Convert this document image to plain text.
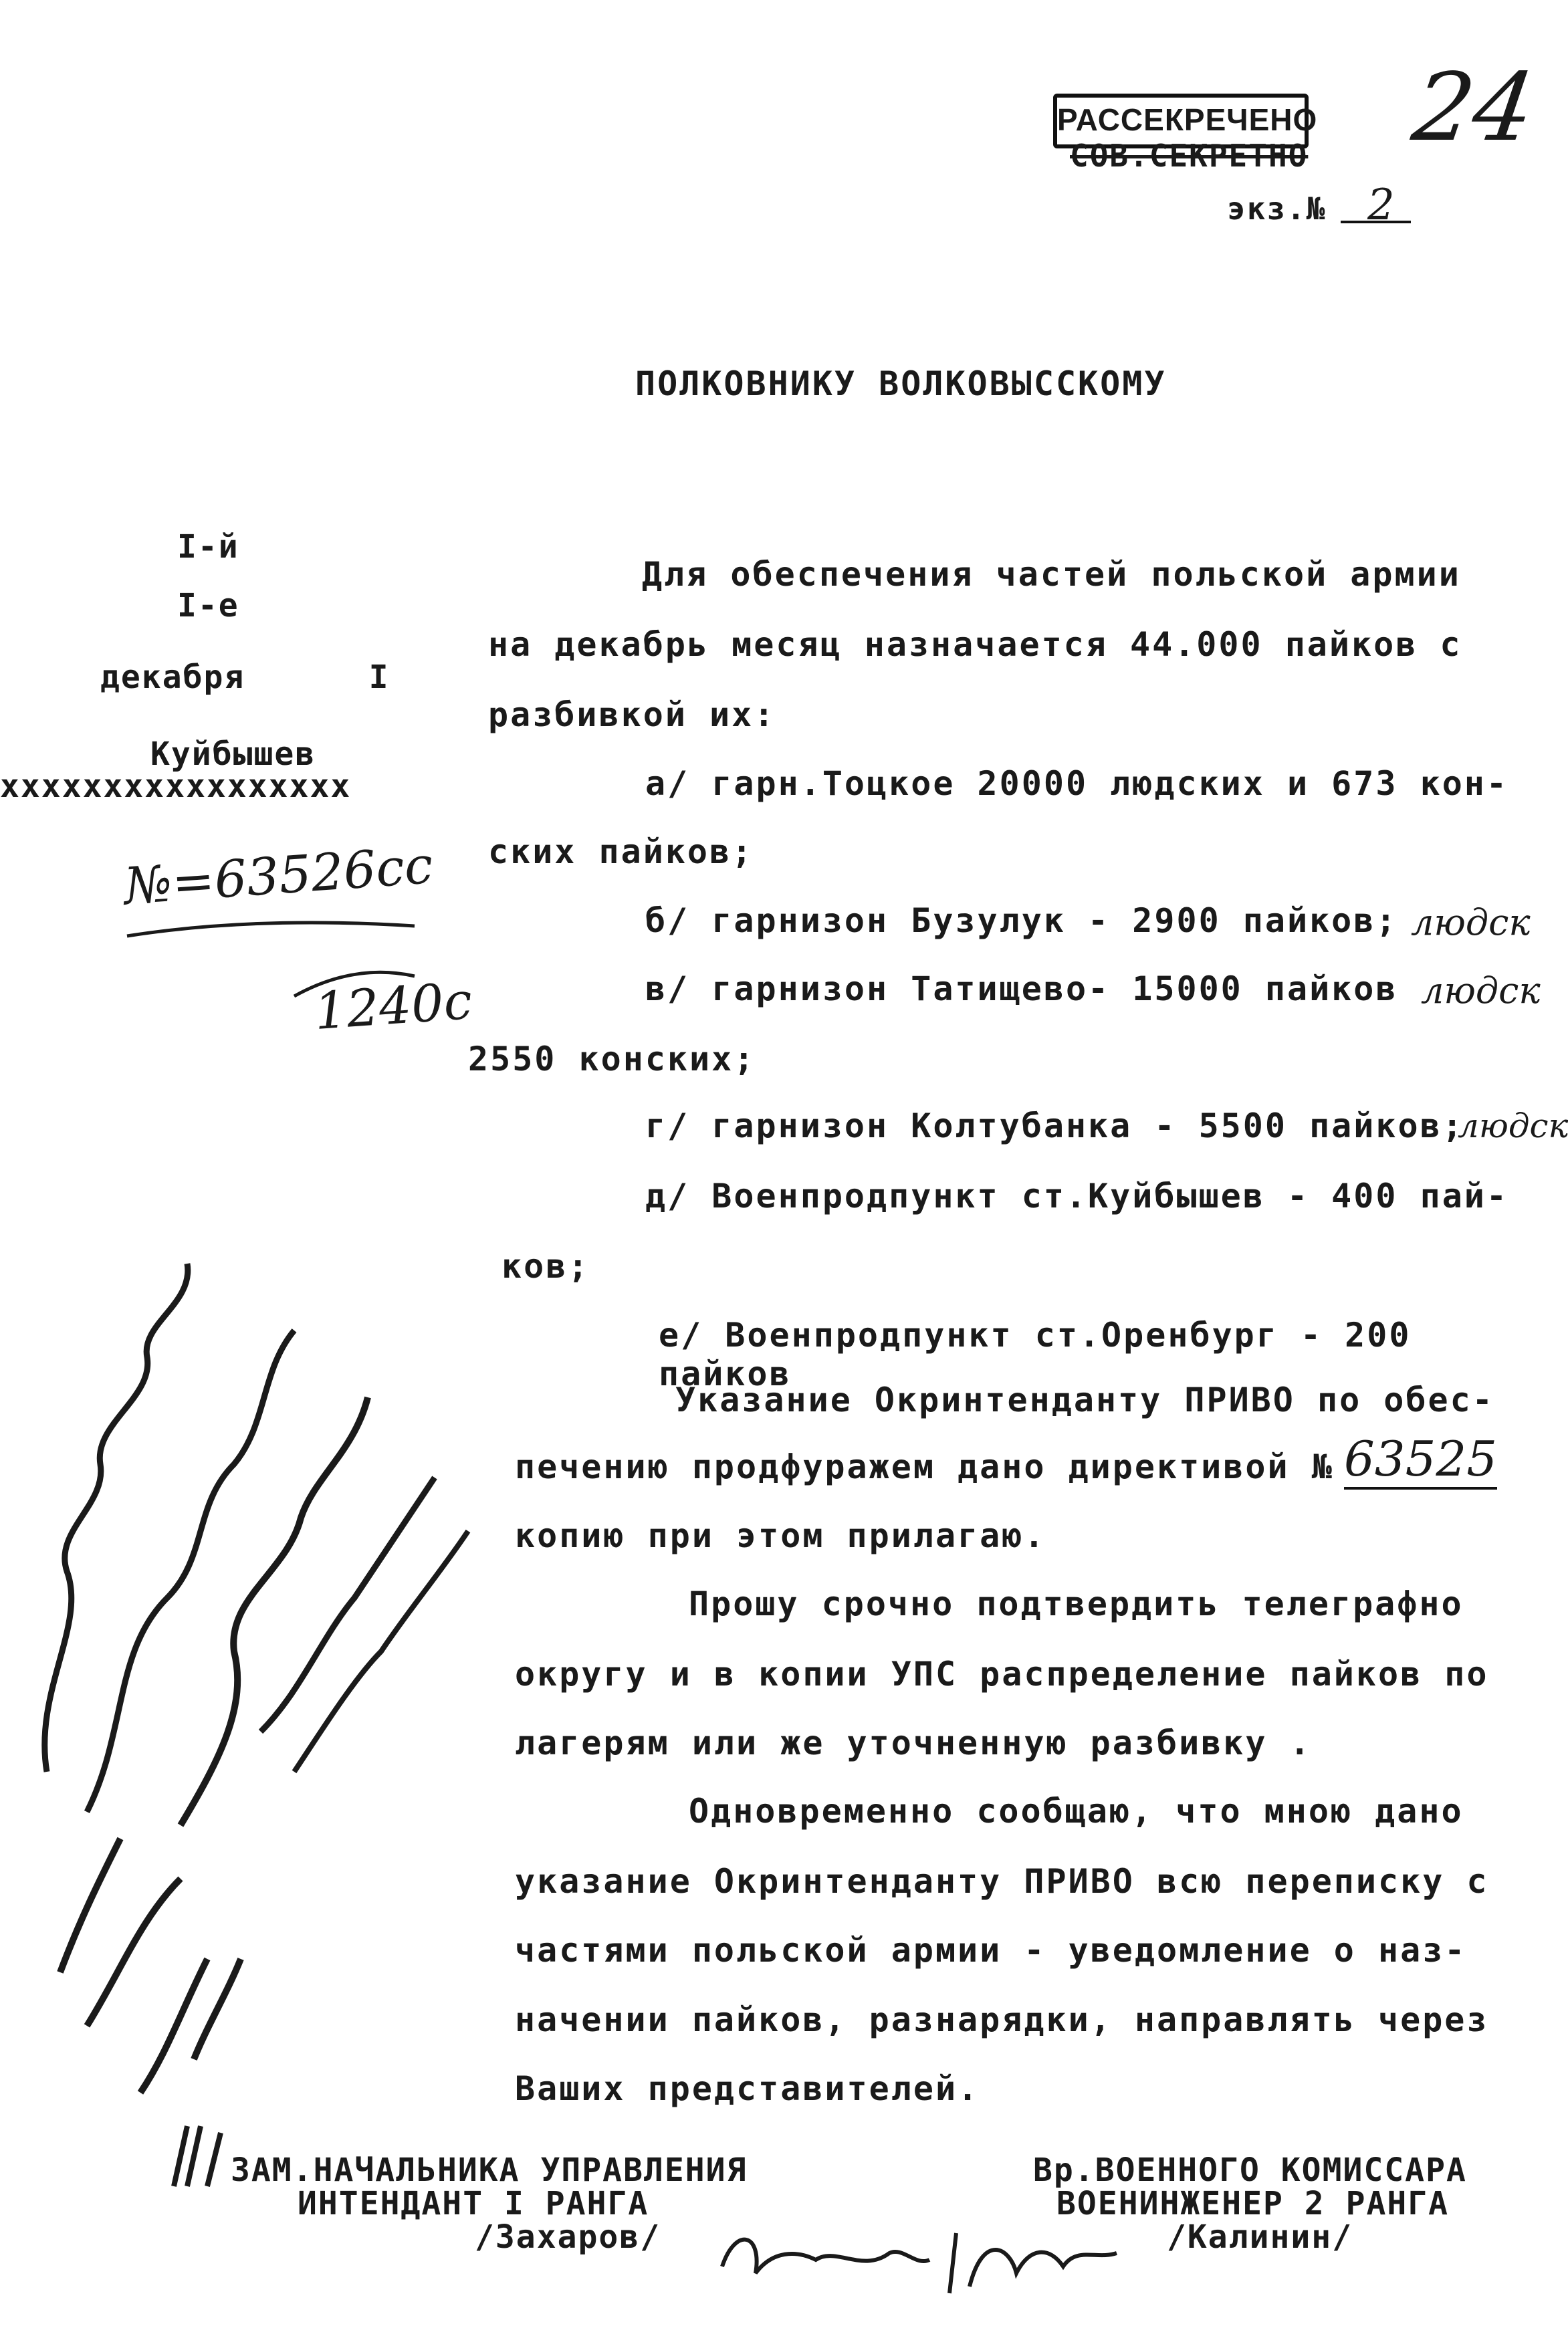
РАССЕКРЕЧЕНО
СОВ.СЕКРЕТНО
экз.№ 2
24
ПОЛКОВНИКУ ВОЛКОВЫССКОМУ
I-й
I-е
декабря      I
Куйбышев
xxxxxxxxxxxxxxxxx
№=63526сс
1240с
Для обеспечения частей польской армии
на декабрь месяц назначается 44.000 пайков с
разбивкой их:
а/ гарн.Тоцкое 20000 людских и 673 кон-
ских пайков;
б/ гарнизон Бузулук - 2900 пайков; людск
в/ гарнизон Татищево- 15000 пайков людск
2550 конских;
г/ гарнизон Колтубанка - 5500 пайков;
людск
д/ Военпродпункт ст.Куйбышев - 400 пай-
ков;
е/ Военпродпункт ст.Оренбург - 200 пайков
Указание Окринтенданту ПРИВО по обес-
печению продфуражем дано директивой № 63525
копию при этом прилагаю.
Прошу срочно подтвердить телеграфно
округу и в копии УПС распределение пайков по
лагерям или же уточненную разбивку .
Одновременно сообщаю, что мною дано
указание Окринтенданту ПРИВО всю переписку с
частями польской армии - уведомление о наз-
начении пайков, разнарядки, направлять через
Ваших представителей.
ЗАМ.НАЧАЛЬНИКА УПРАВЛЕНИЯ
ИНТЕНДАНТ I РАНГА
/Захаров/
Вр.ВОЕННОГО КОМИССАРА
ВОЕНИНЖЕНЕР 2 РАНГА
/Калинин/
